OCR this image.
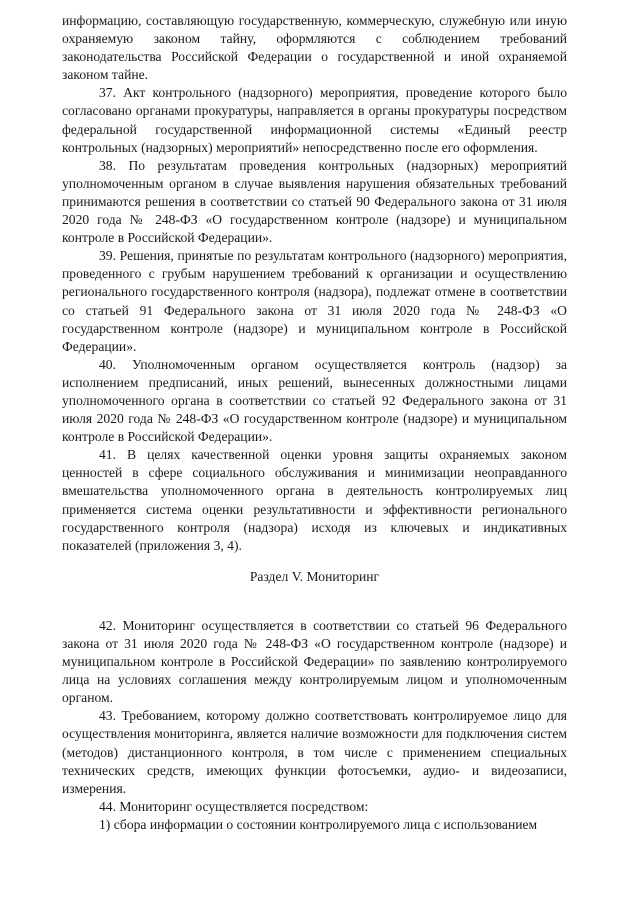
информацию, составляющую государственную, коммерческую, служебную или иную охраняемую законом тайну, оформляются с соблюдением требований законодательства Российской Федерации о государственной и иной охраняемой законом тайне.

37. Акт контрольного (надзорного) мероприятия, проведение которого было согласовано органами прокуратуры, направляется в органы прокуратуры посредством федеральной государственной информационной системы «Единый реестр контрольных (надзорных) мероприятий» непосредственно после его оформления.

38. По результатам проведения контрольных (надзорных) мероприятий уполномоченным органом в случае выявления нарушения обязательных требований принимаются решения в соответствии со статьей 90 Федерального закона от 31 июля 2020 года № 248-ФЗ «О государственном контроле (надзоре) и муниципальном контроле в Российской Федерации».

39. Решения, принятые по результатам контрольного (надзорного) мероприятия, проведенного с грубым нарушением требований к организации и осуществлению регионального государственного контроля (надзора), подлежат отмене в соответствии со статьей 91 Федерального закона от 31 июля 2020 года № 248-ФЗ «О государственном контроле (надзоре) и муниципальном контроле в Российской Федерации».

40. Уполномоченным органом осуществляется контроль (надзор) за исполнением предписаний, иных решений, вынесенных должностными лицами уполномоченного органа в соответствии со статьей 92 Федерального закона от 31 июля 2020 года № 248-ФЗ «О государственном контроле (надзоре) и муниципальном контроле в Российской Федерации».

41. В целях качественной оценки уровня защиты охраняемых законом ценностей в сфере социального обслуживания и минимизации неоправданного вмешательства уполномоченного органа в деятельность контролируемых лиц применяется система оценки результативности и эффективности регионального государственного контроля (надзора) исходя из ключевых и индикативных показателей (приложения 3, 4).

Раздел V. Мониторинг

42. Мониторинг осуществляется в соответствии со статьей 96 Федерального закона от 31 июля 2020 года № 248-ФЗ «О государственном контроле (надзоре) и муниципальном контроле в Российской Федерации» по заявлению контролируемого лица на условиях соглашения между контролируемым лицом и уполномоченным органом.

43. Требованием, которому должно соответствовать контролируемое лицо для осуществления мониторинга, является наличие возможности для подключения систем (методов) дистанционного контроля, в том числе с применением специальных технических средств, имеющих функции фотосъемки, аудио- и видеозаписи, измерения.

44. Мониторинг осуществляется посредством:

1) сбора информации о состоянии контролируемого лица с использованием
